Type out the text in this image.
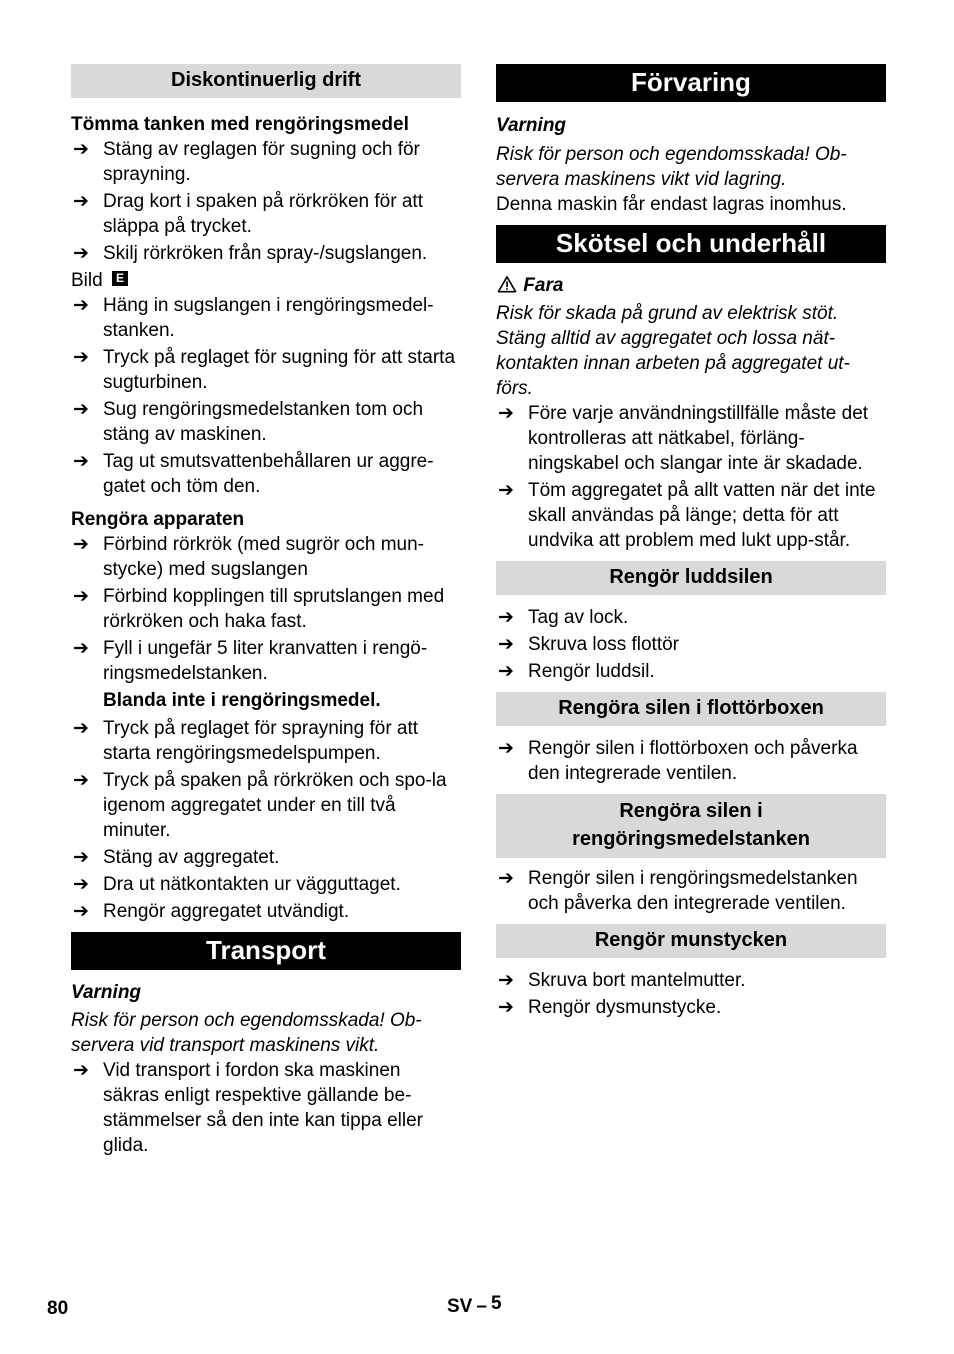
Diskontinuerlig drift
Tömma tanken med rengöringsmedel
➔ Stäng av reglagen för sugning och för sprayning.
➔ Drag kort i spaken på rörkröken för att släppa på trycket.
➔ Skilj rörkröken från spray-/sugslangen.
Bild E
➔ Häng in sugslangen i rengöringsmedel-stanken.
➔ Tryck på reglaget för sugning för att starta sugturbinen.
➔ Sug rengöringsmedelstanken tom och stäng av maskinen.
➔ Tag ut smutsvattenbehållaren ur aggre-gatet och töm den.
Rengöra apparaten
➔ Förbind rörkrök (med sugrör och mun-stycke) med sugslangen
➔ Förbind kopplingen till sprutslangen med rörkröken och haka fast.
➔ Fyll i ungefär 5 liter kranvatten i rengö-ringsmedelstanken.
Blanda inte i rengöringsmedel.
➔ Tryck på reglaget för sprayning för att starta rengöringsmedelspumpen.
➔ Tryck på spaken på rörkröken och spo-la igenom aggregatet under en till två minuter.
➔ Stäng av aggregatet.
➔ Dra ut nätkontakten ur vägguttaget.
➔ Rengör aggregatet utvändigt.
Transport
Varning
Risk för person och egendomsskada! Ob-servera vid transport maskinens vikt.
➔ Vid transport i fordon ska maskinen säkras enligt respektive gällande be-stämmelser så den inte kan tippa eller glida.
Förvaring
Varning
Risk för person och egendomsskada! Ob-servera maskinens vikt vid lagring.
Denna maskin får endast lagras inomhus.
Skötsel och underhåll
Fara
Risk för skada på grund av elektrisk stöt. Stäng alltid av aggregatet och lossa nät-kontakten innan arbeten på aggregatet ut-förs.
➔ Före varje användningstillfälle måste det kontrolleras att nätkabel, förläng-ningskabel och slangar inte är skadade.
➔ Töm aggregatet på allt vatten när det inte skall användas på länge; detta för att undvika att problem med lukt upp-står.
Rengör luddsilen
➔ Tag av lock.
➔ Skruva loss flottör
➔ Rengör luddsil.
Rengöra silen i flottörboxen
➔ Rengör silen i flottörboxen och påverka den integrerade ventilen.
Rengöra silen i
rengöringsmedelstanken
➔ Rengör silen i rengöringsmedelstanken och påverka den integrerade ventilen.
Rengör munstycken
➔ Skruva bort mantelmutter.
➔ Rengör dysmunstycke.
80	SV – 5
